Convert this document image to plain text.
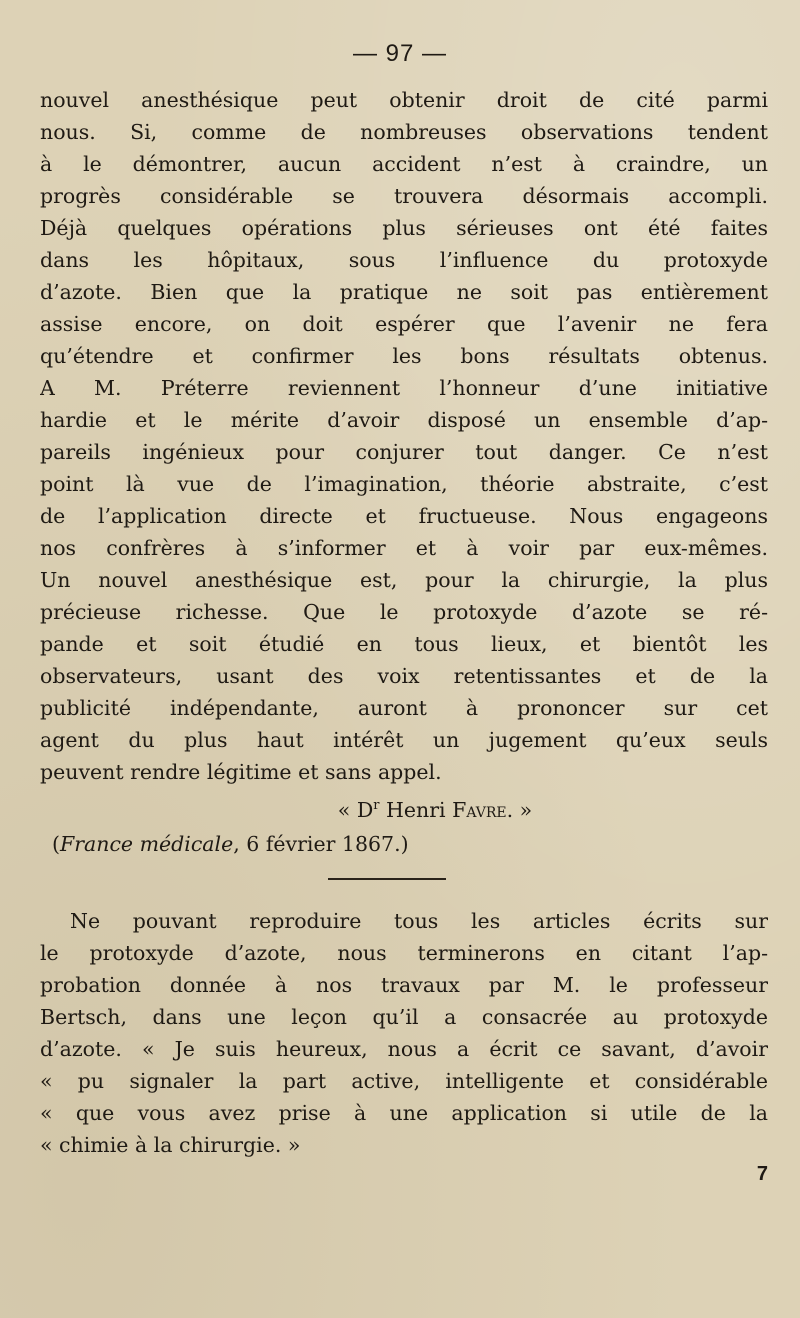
— 97 —
nouvel anesthésique peut obtenir droit de cité parmi
nous. Si, comme de nombreuses observations tendent
à le démontrer, aucun accident n’est à craindre, un
progrès considérable se trouvera désormais accompli.
Déjà quelques opérations plus sérieuses ont été faites
dans les hôpitaux, sous l’influence du protoxyde
d’azote. Bien que la pratique ne soit pas entièrement
assise encore, on doit espérer que l’avenir ne fera
qu’étendre et confirmer les bons résultats obtenus.
A M. Préterre reviennent l’honneur d’une initiative
hardie et le mérite d’avoir disposé un ensemble d’ap-
pareils ingénieux pour conjurer tout danger. Ce n’est
point là vue de l’imagination, théorie abstraite, c’est
de l’application directe et fructueuse. Nous engageons
nos confrères à s’informer et à voir par eux-mêmes.
Un nouvel anesthésique est, pour la chirurgie, la plus
précieuse richesse. Que le protoxyde d’azote se ré-
pande et soit étudié en tous lieux, et bientôt les
observateurs, usant des voix retentissantes et de la
publicité indépendante, auront à prononcer sur cet
agent du plus haut intérêt un jugement qu’eux seuls
peuvent rendre légitime et sans appel.
« $D^r$ Henri Favre. »
(France médicale, 6 février 1867.)
Ne pouvant reproduire tous les articles écrits sur
le protoxyde d’azote, nous terminerons en citant l’ap-
probation donnée à nos travaux par M. le professeur
Bertsch, dans une leçon qu’il a consacrée au protoxyde
d’azote. « Je suis heureux, nous a écrit ce savant, d’avoir
« pu signaler la part active, intelligente et considérable
« que vous avez prise à une application si utile de la
« chimie à la chirurgie. »
7
